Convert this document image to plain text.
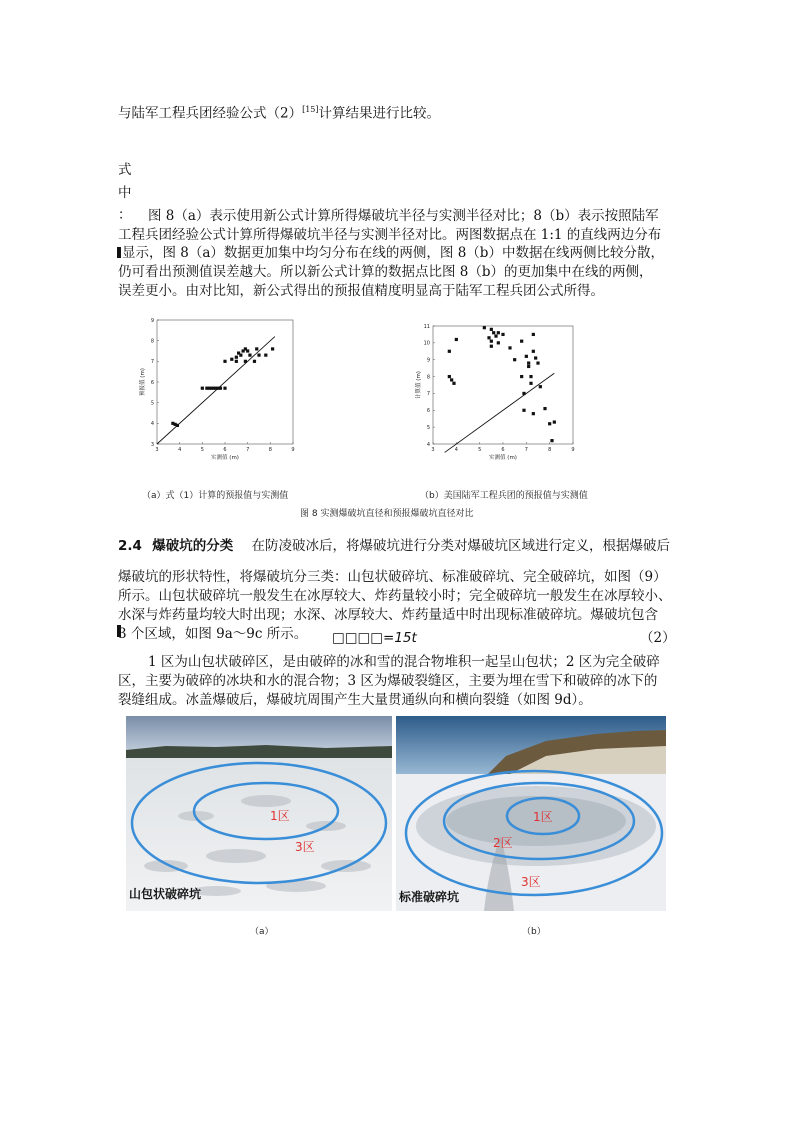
与陆军工程兵团经验公式（2）[15]计算结果进行比较。
式
中
： 图 8（a）表示使用新公式计算所得爆破坑半径与实测半径对比；8（b）表示按照陆军
工程兵团经验公式计算所得爆破坑半径与实测半径对比。两图数据点在 1:1 的直线两边分布
显示，图 8（a）数据更加集中均匀分布在线的两侧，图 8（b）中数据在线两侧比较分散，
仍可看出预测值误差越大。所以新公式计算的数据点比图 8（b）的更加集中在线的两侧，
误差更小。由对比知，新公式得出的预报值精度明显高于陆军工程兵团公式所得。
3	4	5	6	7	8	9
3
4
5
6
7
8
9
实测值 (m)
预报值 (m)
3	4	5	6	7	8	9
4
5
6
7
8
9
10
11
实测值 (m)
计算值 (m)
（a）式（1）计算的预报值与实测值	（b）美国陆军工程兵团的预报值与实测值
图 8 实测爆破坑直径和预报爆破坑直径对比
2.4 爆破坑的分类 在防凌破冰后，将爆破坑进行分类对爆破坑区域进行定义，根据爆破后
爆破坑的形状特性，将爆破坑分三类：山包状破碎坑、标准破碎坑、完全破碎坑，如图（9）
所示。山包状破碎坑一般发生在冰厚较大、炸药量较小时；完全破碎坑一般发生在冰厚较小、
水深与炸药量均较大时出现；水深、冰厚较大、炸药量适中时出现标准破碎坑。爆破坑包含
3 个区域，如图 9a～9c 所示。 □□□□=15t	（2）
1 区为山包状破碎区，是由破碎的冰和雪的混合物堆积一起呈山包状；2 区为完全破碎
区，主要为破碎的冰块和水的混合物；3 区为爆破裂缝区，主要为埋在雪下和破碎的冰下的
裂缝组成。冰盖爆破后，爆破坑周围产生大量贯通纵向和横向裂缝（如图 9d）。
1区
3区
山包状破碎坑
1区
2区
3区
标准破碎坑
（a）	（b）
